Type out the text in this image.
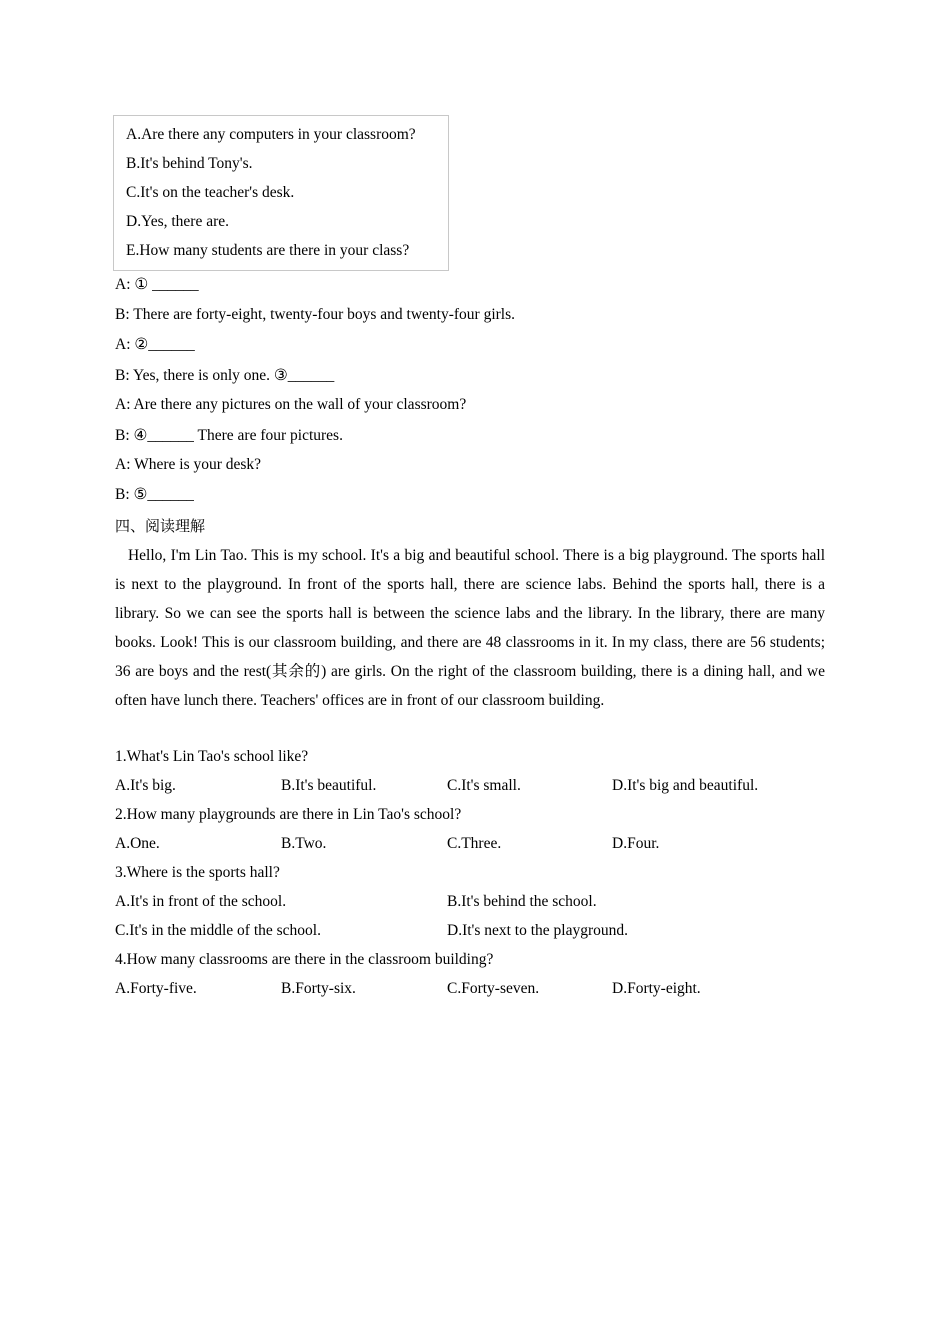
A.Are there any computers in your classroom?
B.It's behind Tony's.
C.It's on the teacher's desk.
D.Yes, there are.
E.How many students are there in your class?
A: ① ______
B: There are forty-eight, twenty-four boys and twenty-four girls.
A: ②______
B: Yes, there is only one. ③______
A: Are there any pictures on the wall of your classroom?
B: ④______ There are four pictures.
A: Where is your desk?
B: ⑤______
四、阅读理解
Hello, I'm Lin Tao. This is my school. It's a big and beautiful school. There is a big playground. The sports hall is next to the playground. In front of the sports hall, there are science labs. Behind the sports hall, there is a library. So we can see the sports hall is between the science labs and the library. In the library, there are many books. Look! This is our classroom building, and there are 48 classrooms in it. In my class, there are 56 students; 36 are boys and the rest(其余的) are girls. On the right of the classroom building, there is a dining hall, and we often have lunch there. Teachers' offices are in front of our classroom building.
1.What's Lin Tao's school like?
A.It's big.	B.It's beautiful.	C.It's small.	D.It's big and beautiful.
2.How many playgrounds are there in Lin Tao's school?
A.One.	B.Two.	C.Three.	D.Four.
3.Where is the sports hall?
A.It's in front of the school.	B.It's behind the school.
C.It's in the middle of the school.	D.It's next to the playground.
4.How many classrooms are there in the classroom building?
A.Forty-five.	B.Forty-six.	C.Forty-seven.	D.Forty-eight.
